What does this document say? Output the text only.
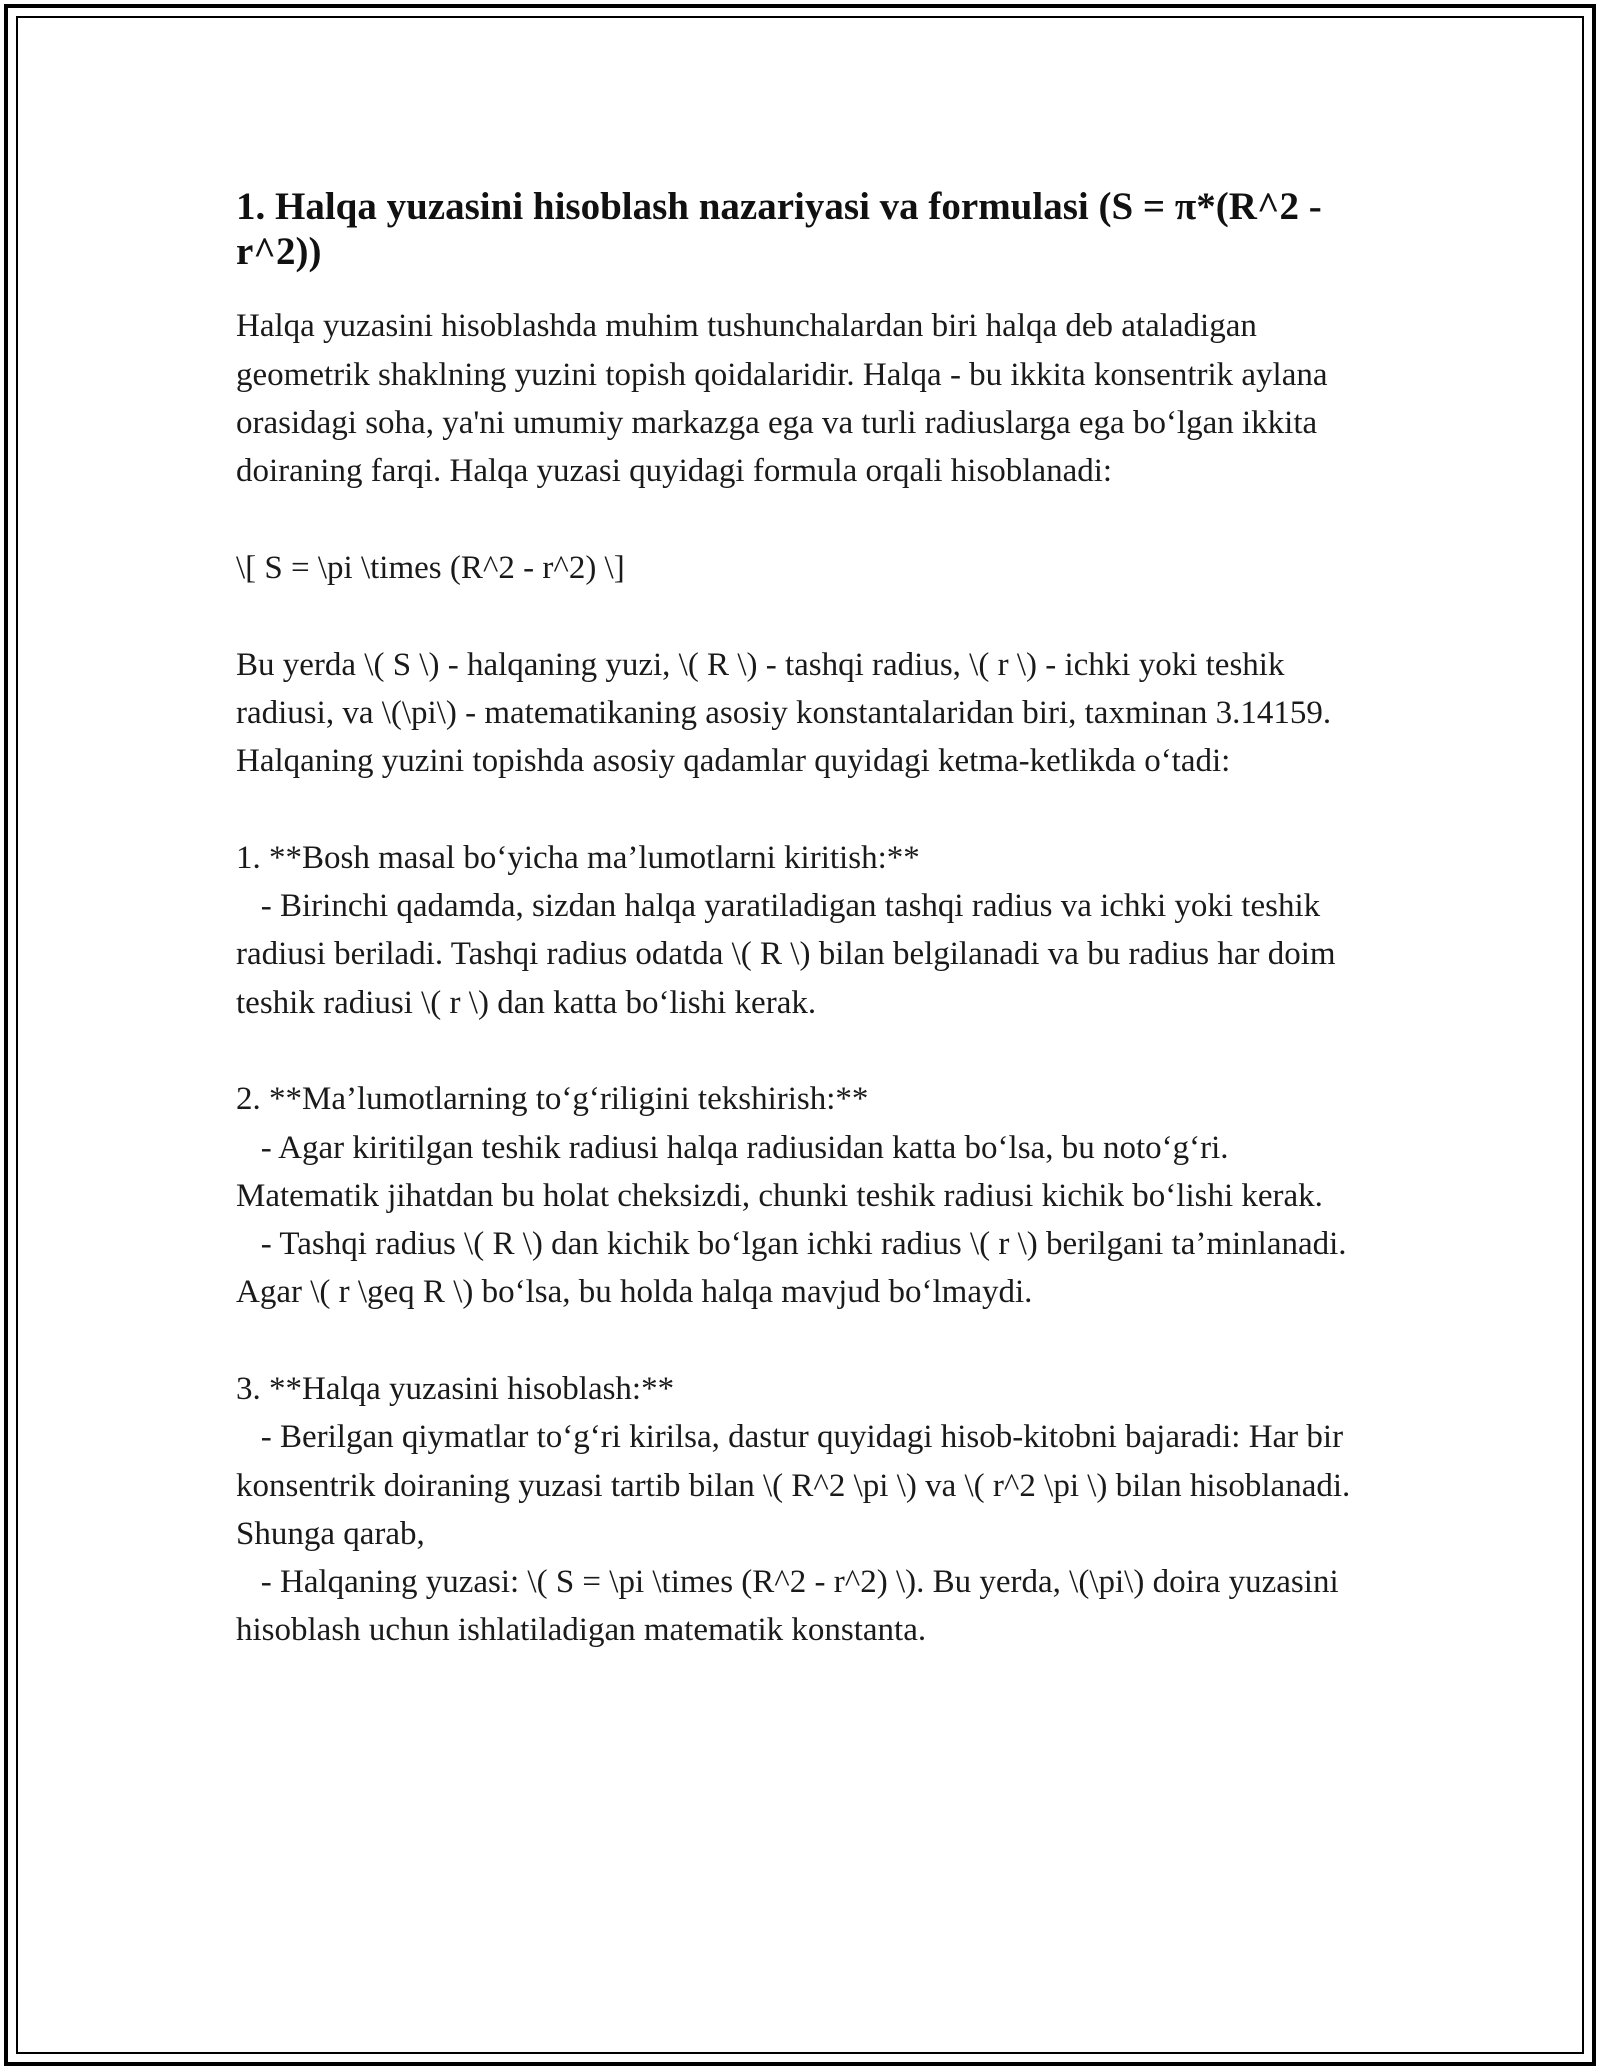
1. Halqa yuzasini hisoblash nazariyasi va formulasi (S = π*(R^2 - r^2))

Halqa yuzasini hisoblashda muhim tushunchalardan biri halqa deb ataladigan geometrik shaklning yuzini topish qoidalaridir. Halqa - bu ikkita konsentrik aylana orasidagi soha, ya'ni umumiy markazga ega va turli radiuslarga ega bo‘lgan ikkita doiraning farqi. Halqa yuzasi quyidagi formula orqali hisoblanadi:

\[ S = \pi \times (R^2 - r^2) \]

Bu yerda \( S \) - halqaning yuzi, \( R \) - tashqi radius, \( r \) - ichki yoki teshik radiusi, va \(\pi\) - matematikaning asosiy konstantalaridan biri, taxminan 3.14159. Halqaning yuzini topishda asosiy qadamlar quyidagi ketma-ketlikda o‘tadi:

1. **Bosh masal bo‘yicha ma’lumotlarni kiritish:**

- Birinchi qadamda, sizdan halqa yaratiladigan tashqi radius va ichki yoki teshik radiusi beriladi. Tashqi radius odatda \( R \) bilan belgilanadi va bu radius har doim teshik radiusi \( r \) dan katta bo‘lishi kerak.

2. **Ma’lumotlarning to‘g‘riligini tekshirish:**

- Agar kiritilgan teshik radiusi halqa radiusidan katta bo‘lsa, bu noto‘g‘ri. Matematik jihatdan bu holat cheksizdi, chunki teshik radiusi kichik bo‘lishi kerak.

- Tashqi radius \( R \) dan kichik bo‘lgan ichki radius \( r \) berilgani ta’minlanadi. Agar \( r \geq R \) bo‘lsa, bu holda halqa mavjud bo‘lmaydi.

3. **Halqa yuzasini hisoblash:**

- Berilgan qiymatlar to‘g‘ri kirilsa, dastur quyidagi hisob-kitobni bajaradi: Har bir konsentrik doiraning yuzasi tartib bilan \( R^2 \pi \) va \( r^2 \pi \) bilan hisoblanadi. Shunga qarab,

- Halqaning yuzasi: \( S = \pi \times (R^2 - r^2) \). Bu yerda, \(\pi\) doira yuzasini hisoblash uchun ishlatiladigan matematik konstanta.
